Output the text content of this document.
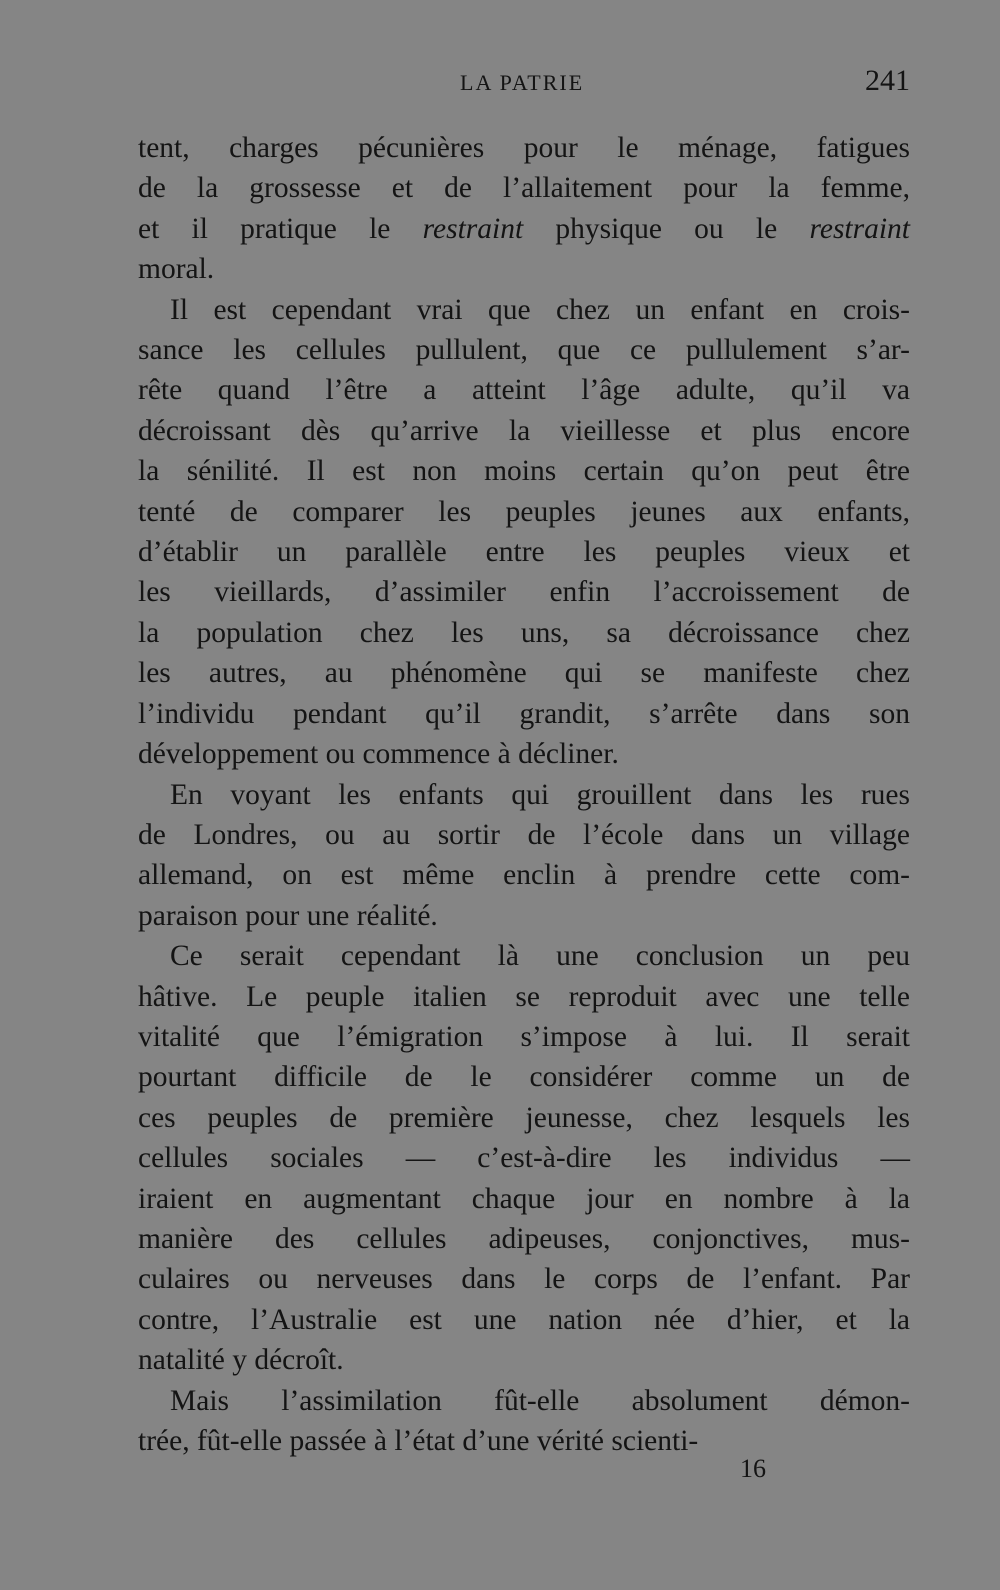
LA PATRIE	241
tent, charges pécunières pour le ménage, fatigues
de la grossesse et de l’allaitement pour la femme,
et il pratique le restraint physique ou le restraint
moral.
Il est cependant vrai que chez un enfant en crois-
sance les cellules pullulent, que ce pullulement s’ar-
rête quand l’être a atteint l’âge adulte, qu’il va
décroissant dès qu’arrive la vieillesse et plus encore
la sénilité. Il est non moins certain qu’on peut être
tenté de comparer les peuples jeunes aux enfants,
d’établir un parallèle entre les peuples vieux et
les vieillards, d’assimiler enfin l’accroissement de
la population chez les uns, sa décroissance chez
les autres, au phénomène qui se manifeste chez
l’individu pendant qu’il grandit, s’arrête dans son
développement ou commence à décliner.
En voyant les enfants qui grouillent dans les rues
de Londres, ou au sortir de l’école dans un village
allemand, on est même enclin à prendre cette com-
paraison pour une réalité.
Ce serait cependant là une conclusion un peu
hâtive. Le peuple italien se reproduit avec une telle
vitalité que l’émigration s’impose à lui. Il serait
pourtant difficile de le considérer comme un de
ces peuples de première jeunesse, chez lesquels les
cellules sociales — c’est-à-dire les individus —
iraient en augmentant chaque jour en nombre à la
manière des cellules adipeuses, conjonctives, mus-
culaires ou nerveuses dans le corps de l’enfant. Par
contre, l’Australie est une nation née d’hier, et la
natalité y décroît.
Mais l’assimilation fût-elle absolument démon-
trée, fût-elle passée à l’état d’une vérité scienti-
16
